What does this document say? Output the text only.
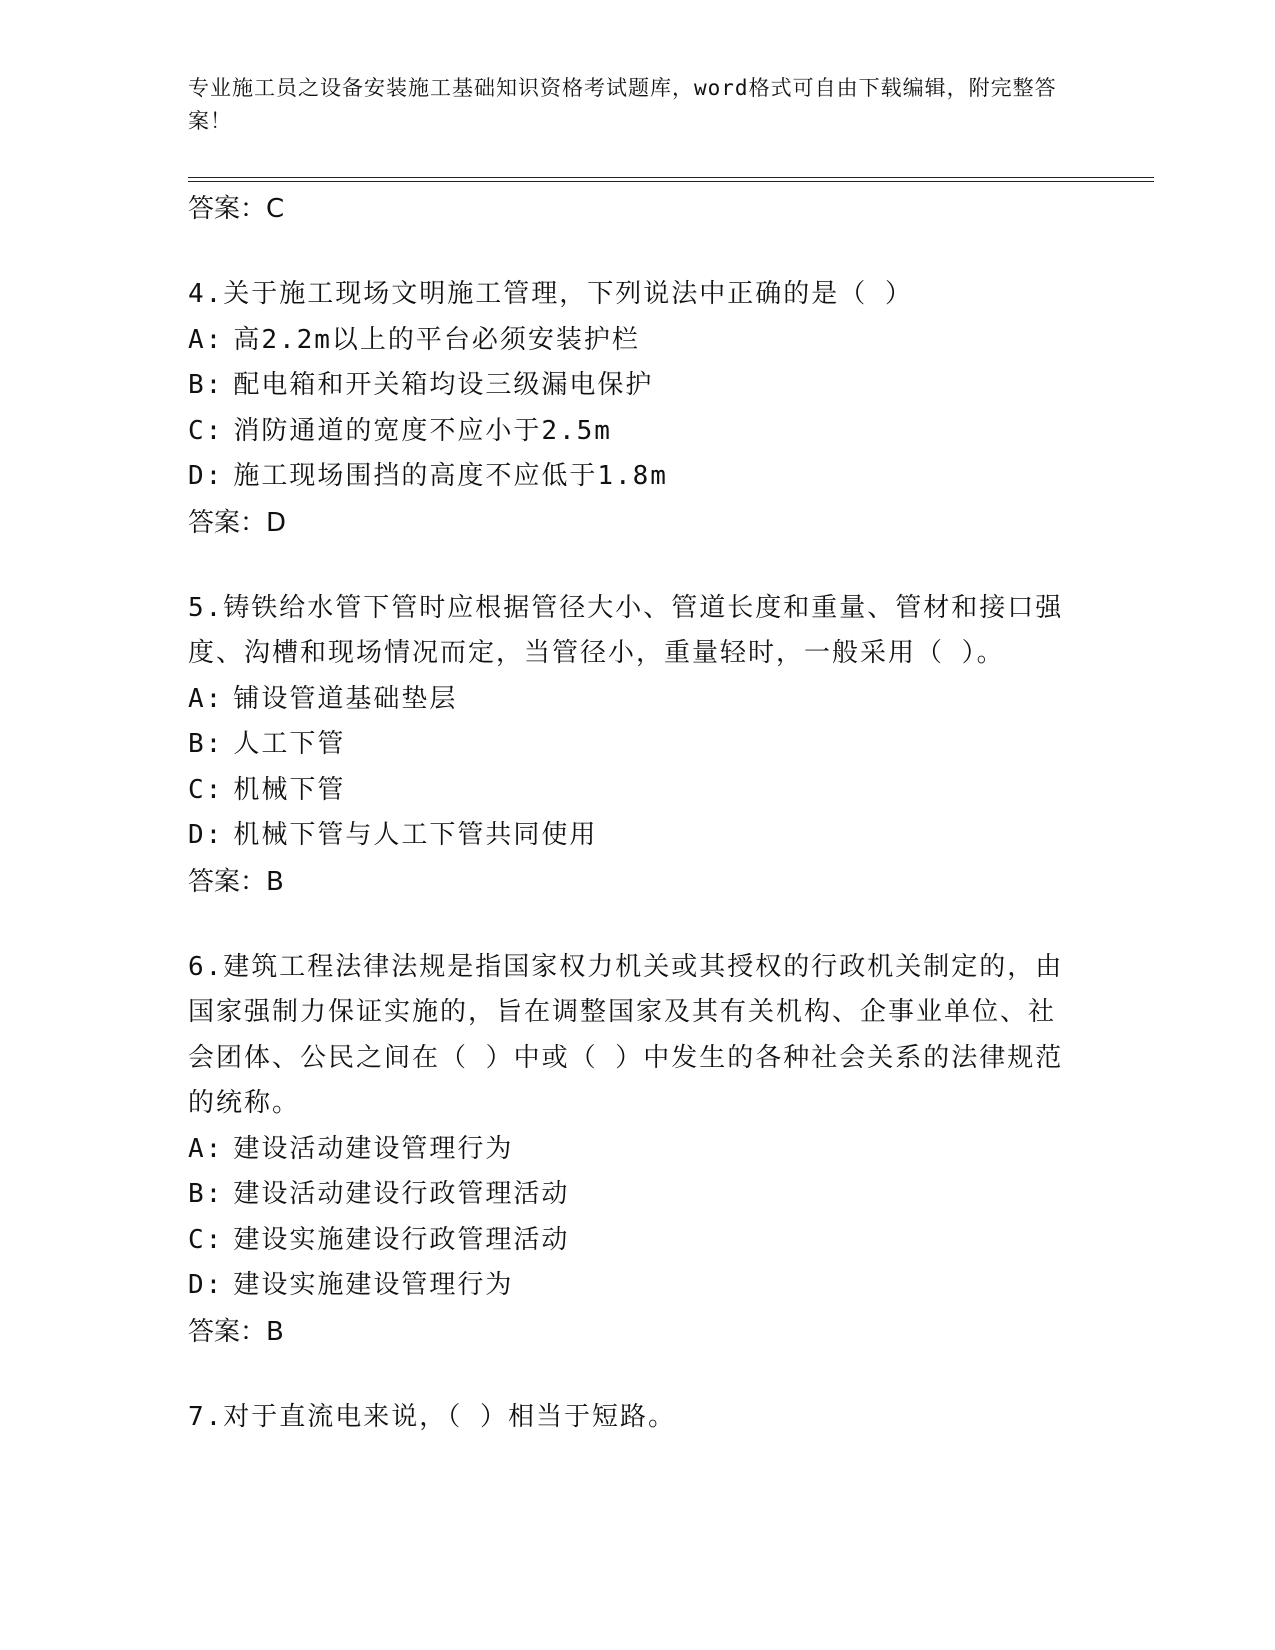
专业施工员之设备安装施工基础知识资格考试题库，word格式可自由下载编辑，附完整答案！
答案：C
4.关于施工现场文明施工管理，下列说法中正确的是（ ）
A: 高2.2m以上的平台必须安装护栏
B: 配电箱和开关箱均设三级漏电保护
C: 消防通道的宽度不应小于2.5m
D: 施工现场围挡的高度不应低于1.8m
答案：D
5.铸铁给水管下管时应根据管径大小、管道长度和重量、管材和接口强度、沟槽和现场情况而定，当管径小，重量轻时，一般采用（ ）。
A: 铺设管道基础垫层
B: 人工下管
C: 机械下管
D: 机械下管与人工下管共同使用
答案：B
6.建筑工程法律法规是指国家权力机关或其授权的行政机关制定的，由国家强制力保证实施的，旨在调整国家及其有关机构、企事业单位、社会团体、公民之间在（ ）中或（ ）中发生的各种社会关系的法律规范的统称。
A: 建设活动建设管理行为
B: 建设活动建设行政管理活动
C: 建设实施建设行政管理活动
D: 建设实施建设管理行为
答案：B
7.对于直流电来说，（ ）相当于短路。
